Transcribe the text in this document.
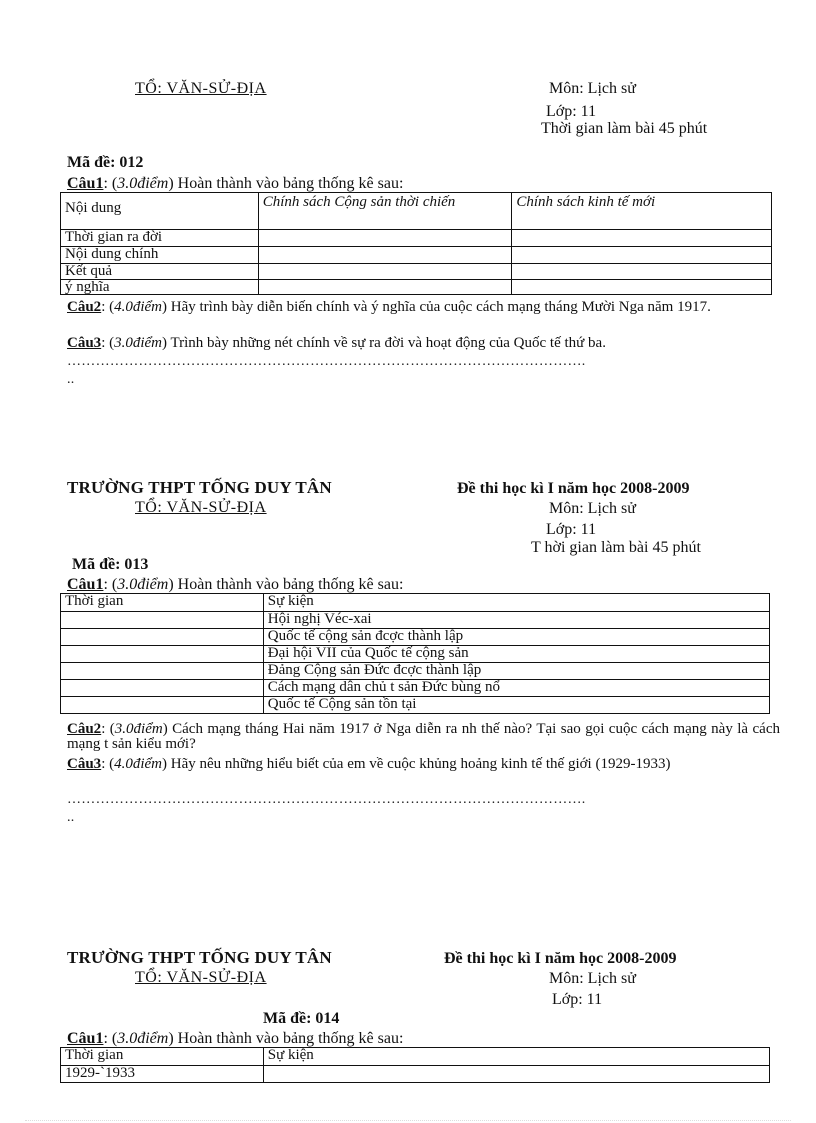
TỔ: VĂN-SỬ-ĐỊA	Môn: Lịch sử
Lớp: 11
Thời gian làm bài 45 phút
Mã đề: 012
Câu1: (3.0điểm) Hoàn thành vào bảng thống kê sau:
Nội dung	Chính sách Cộng sản thời chiến	Chính sách kinh tế mới
Thời gian ra đời		
Nội dung chính		
Kết quả		
ý nghĩa		
Câu2: (4.0điểm) Hãy trình bày diễn biến chính và ý nghĩa của cuộc cách mạng tháng Mười Nga năm 1917.
Câu3: (3.0điểm) Trình bày những nét chính về sự ra đời và hoạt động của Quốc tế thứ ba.
……………………………………………………………………………………………….
..
TRƯỜNG THPT TỐNG DUY TÂN	Đề thi học kì I năm học 2008-2009
TỔ: VĂN-SỬ-ĐỊA	Môn: Lịch sử
Lớp: 11
T hời gian làm bài 45 phút
Mã đề: 013
Câu1: (3.0điểm) Hoàn thành vào bảng thống kê sau:
Thời gian	Sự kiện
	Hội nghị Véc-xai
	Quốc tế cộng sản đcợc thành lập
	Đại hội VII của Quốc tế cộng sản
	Đảng Cộng sản Đức đcợc thành lập
	Cách mạng dân chủ t sản Đức bùng nổ
	Quốc tế Cộng sản tồn tại
Câu2: (3.0điểm) Cách mạng tháng Hai năm 1917 ở Nga diễn ra nh thế nào? Tại sao gọi cuộc cách mạng này là cách mạng t sản kiểu mới?
Câu3: (4.0điểm) Hãy nêu những hiểu biết của em về cuộc khủng hoảng kinh tế thế giới (1929-1933)
……………………………………………………………………………………………….
..
TRƯỜNG THPT TỐNG DUY TÂN	Đề thi học kì I năm học 2008-2009
TỔ: VĂN-SỬ-ĐỊA	Môn: Lịch sử
Lớp: 11
Mã đề: 014
Câu1: (3.0điểm) Hoàn thành vào bảng thống kê sau:
Thời gian	Sự kiện
1929-`1933	
